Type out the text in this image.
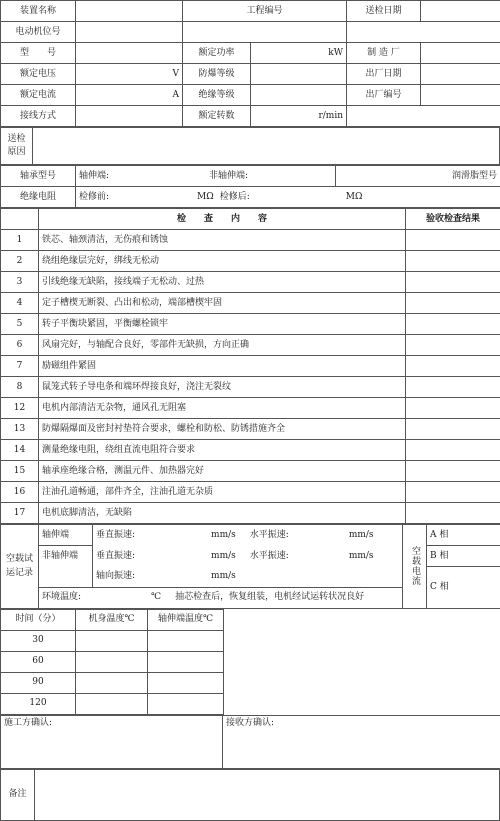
装置名称		工程编号		送检日期	
电动机位号					
型　　号		额定功率	kW	制 造 厂	
额定电压	V	防爆等级		出厂日期	
额定电流	A	绝缘等级		出厂编号	
接线方式		额定转数	r/min		
送检原因	
轴承型号	轴伸端: 非轴伸端:	润滑脂型号
绝缘电阻	检修前: MΩ 检修后: MΩ	
	检　　查　　内　　容	验收检查结果
1	铁芯、轴颈清洁，无伤痕和锈蚀	
2	绕组绝缘层完好，绑线无松动	
3	引线绝缘无缺陷，接线端子无松动、过热	
4	定子槽楔无断裂、凸出和松动，端部槽楔牢固	
5	转子平衡块紧固，平衡螺栓锁牢	
6	风扇完好，与轴配合良好，零部件无缺损，方向正确	
7	励磁组件紧固	
8	鼠笼式转子导电条和端环焊接良好，浇注无裂纹	
12	电机内部清洁无杂物，通风孔无阻塞	
13	防爆隔爆面及密封衬垫符合要求，螺栓和防松、防锈措施齐全	
14	测量绝缘电阻，绕组直流电阻符合要求	
15	轴承座绝缘合格，测温元件、加热器完好	
16	注油孔道畅通，部件齐全，注油孔道无杂质	
17	电机底脚清洁，无缺陷	
空载试运记录	轴伸端	垂直振速: mm/s 水平振速: mm/s	空载电流	A 相
	非轴伸端	垂直振速: mm/s 水平振速: mm/s		B 相
		轴向振速: mm/s		C 相
	环境温度: ℃ 抽芯检查后，恢复组装，电机经试运转状况良好			
时间（分）	机身温度℃	轴伸端温度℃	
30			
60			
90			
120			
施工方确认:	接收方确认:
备注	
